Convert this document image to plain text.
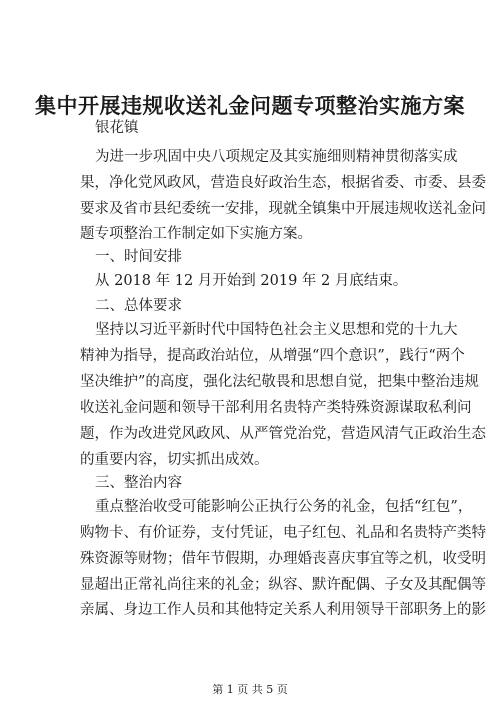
集中开展违规收送礼金问题专项整治实施方案

银花镇

为进一步巩固中央八项规定及其实施细则精神贯彻落实成

果，净化党风政风，营造良好政治生态，根据省委、市委、县委

要求及省市县纪委统一安排，现就全镇集中开展违规收送礼金问

题专项整治工作制定如下实施方案。

一、时间安排

从 2018 年 12 月开始到 2019 年 2 月底结束。

二、总体要求

坚持以习近平新时代中国特色社会主义思想和党的十九大

精神为指导，提高政治站位，从增强“四个意识”，践行“两个

坚决维护”的高度，强化法纪敬畏和思想自觉，把集中整治违规

收送礼金问题和领导干部利用名贵特产类特殊资源谋取私利问

题，作为改进党风政风、从严管党治党，营造风清气正政治生态

的重要内容，切实抓出成效。

三、整治内容

重点整治收受可能影响公正执行公务的礼金，包括“红包”，

购物卡、有价证券，支付凭证，电子红包、礼品和名贵特产类特

殊资源等财物；借年节假期，办理婚丧喜庆事宜等之机，收受明

显超出正常礼尚往来的礼金；纵容、默许配偶、子女及其配偶等

亲属、身边工作人员和其他特定关系人利用领导干部职务上的影

第 1 页 共 5 页
